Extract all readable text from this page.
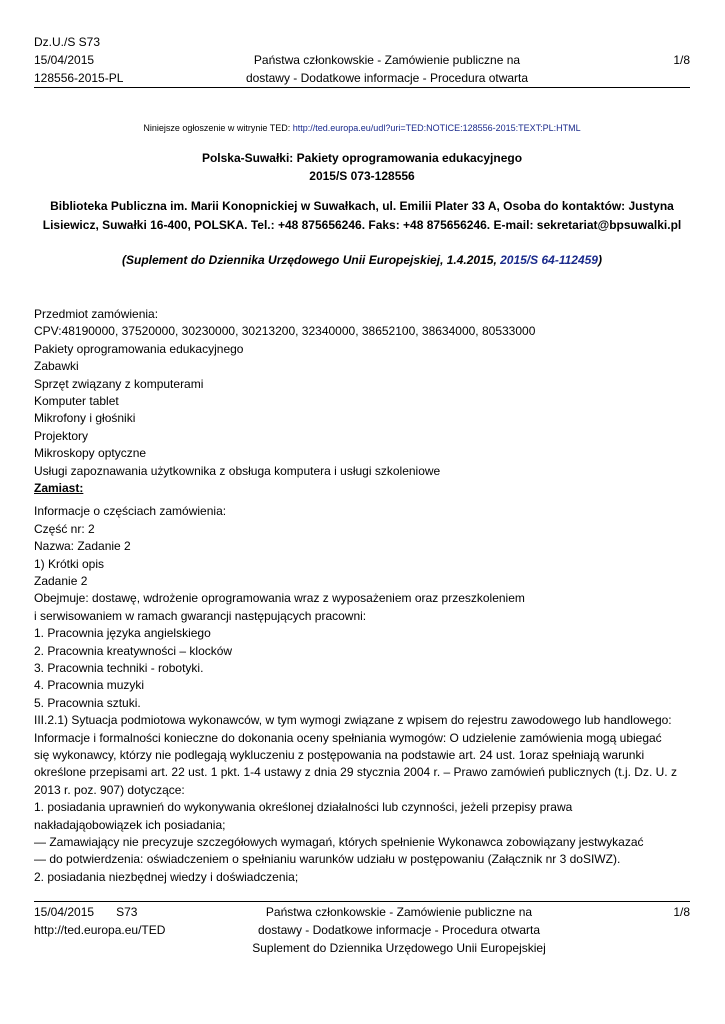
Dz.U./S S73
15/04/2015
128556-2015-PL
Państwa członkowskie - Zamówienie publiczne na
dostawy - Dodatkowe informacje - Procedura otwarta
1/8
Niniejsze ogłoszenie w witrynie TED: http://ted.europa.eu/udl?uri=TED:NOTICE:128556-2015:TEXT:PL:HTML
Polska-Suwałki: Pakiety oprogramowania edukacyjnego
2015/S 073-128556
Biblioteka Publiczna im. Marii Konopnickiej w Suwałkach, ul. Emilii Plater 33 A, Osoba do kontaktów: Justyna
Lisiewicz, Suwałki 16-400, POLSKA. Tel.: +48 875656246. Faks: +48 875656246. E-mail: sekretariat@bpsuwalki.pl
(Suplement do Dziennika Urzędowego Unii Europejskiej, 1.4.2015, 2015/S 64-112459)
Przedmiot zamówienia:
CPV:48190000, 37520000, 30230000, 30213200, 32340000, 38652100, 38634000, 80533000
Pakiety oprogramowania edukacyjnego
Zabawki
Sprzęt związany z komputerami
Komputer tablet
Mikrofony i głośniki
Projektory
Mikroskopy optyczne
Usługi zapoznawania użytkownika z obsługa komputera i usługi szkoleniowe
Zamiast:
Informacje o częściach zamówienia:
Część nr: 2
Nazwa: Zadanie 2
1) Krótki opis
Zadanie 2
Obejmuje: dostawę, wdrożenie oprogramowania wraz z wyposażeniem oraz przeszkoleniem
i serwisowaniem w ramach gwarancji następujących pracowni:
1. Pracownia języka angielskiego
2. Pracownia kreatywności – klocków
3. Pracownia techniki - robotyki.
4. Pracownia muzyki
5. Pracownia sztuki.
III.2.1) Sytuacja podmiotowa wykonawców, w tym wymogi związane z wpisem do rejestru zawodowego lub handlowego:
Informacje i formalności konieczne do dokonania oceny spełniania wymogów: O udzielenie zamówienia mogą ubiegać
się wykonawcy, którzy nie podlegają wykluczeniu z postępowania na podstawie art. 24 ust. 1oraz spełniają warunki
określone przepisami art. 22 ust. 1 pkt. 1-4 ustawy z dnia 29 stycznia 2004 r. – Prawo zamówień publicznych (t.j. Dz. U. z
2013 r. poz. 907) dotyczące:
1. posiadania uprawnień do wykonywania określonej działalności lub czynności, jeżeli przepisy prawa
nakładająobowiązek ich posiadania;
— Zamawiający nie precyzuje szczegółowych wymagań, których spełnienie Wykonawca zobowiązany jestwykazać
— do potwierdzenia: oświadczeniem o spełnianiu warunków udziału w postępowaniu (Załącznik nr 3 doSIWZ).
2. posiadania niezbędnej wiedzy i doświadczenia;
15/04/2015 S73
http://ted.europa.eu/TED
Państwa członkowskie - Zamówienie publiczne na
dostawy - Dodatkowe informacje - Procedura otwarta
Suplement do Dziennika Urzędowego Unii Europejskiej
1/8
